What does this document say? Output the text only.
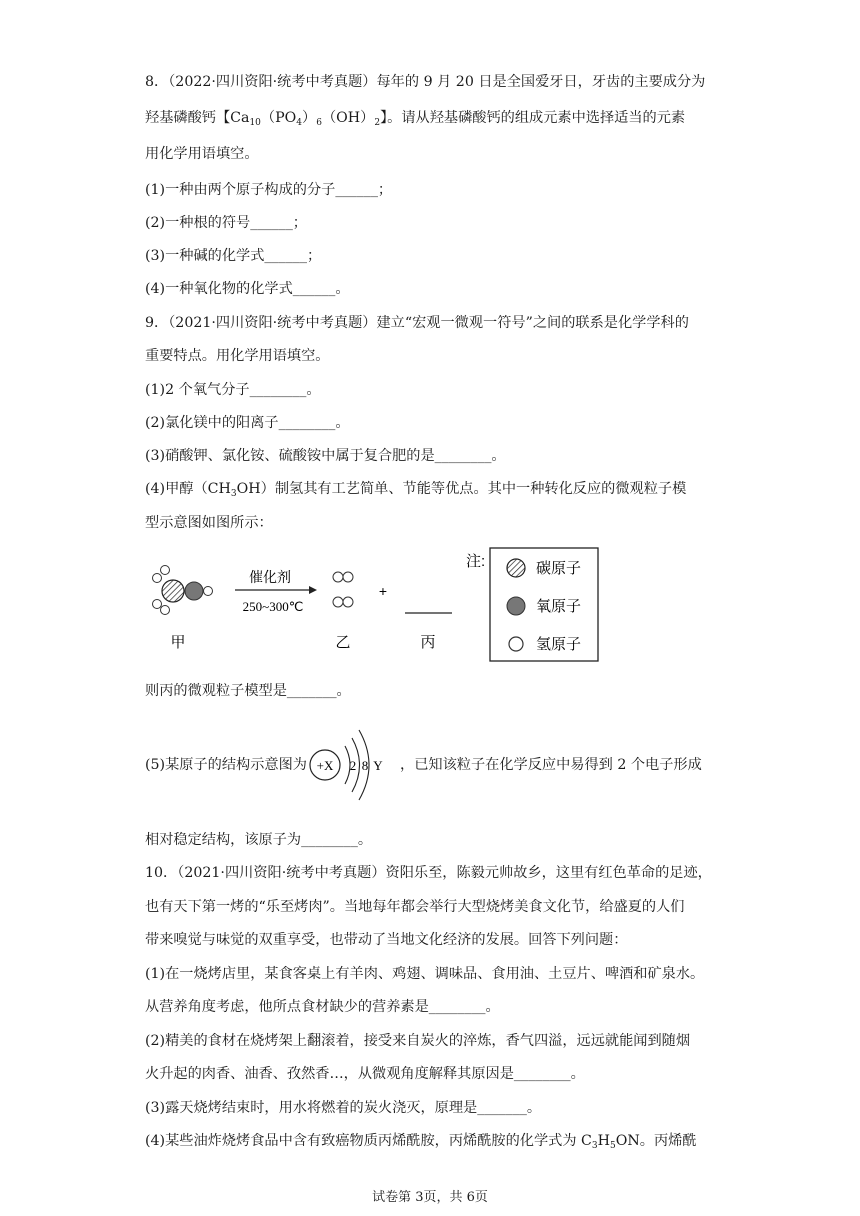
8．（2022·四川资阳·统考中考真题）每年的 9 月 20 日是全国爱牙日，牙齿的主要成分为
羟基磷酸钙【$Ca_{10}(PO_4)_6(OH)_2$】。请从羟基磷酸钙的组成元素中选择适当的元素
用化学用语填空。
(1)一种由两个原子构成的分子______；
(2)一种根的符号______；
(3)一种碱的化学式______；
(4)一种氧化物的化学式______。
9．（2021·四川资阳·统考中考真题）建立“宏观一微观一符号”之间的联系是化学学科的
重要特点。用化学用语填空。
(1)2 个氧气分子________。
(2)氯化镁中的阳离子________。
(3)硝酸钾、氯化铵、硫酸铵中属于复合肥的是________。
(4)甲醇$(CH_3OH)$制氢其有工艺简单、节能等优点。其中一种转化反应的微观粒子模
型示意图如图所示：
甲
催化剂
250~300℃
乙
+
丙
注:	碳原子
氧原子
氢原子
则丙的微观粒子模型是_______。
(5)某原子的结构示意图为 +X 2 8 Y ，已知该粒子在化学反应中易得到 2 个电子形成
相对稳定结构，该原子为________。
10．（2021·四川资阳·统考中考真题）资阳乐至，陈毅元帅故乡，这里有红色革命的足迹，
也有天下第一烤的“乐至烤肉”。当地每年都会举行大型烧烤美食文化节，给盛夏的人们
带来嗅觉与味觉的双重享受，也带动了当地文化经济的发展。回答下列问题：
(1)在一烧烤店里，某食客桌上有羊肉、鸡翅、调味品、食用油、土豆片、啤酒和矿泉水。
从营养角度考虑，他所点食材缺少的营养素是________。
(2)精美的食材在烧烤架上翻滚着，接受来自炭火的淬炼，香气四溢，远远就能闻到随烟
火升起的肉香、油香、孜然香…，从微观角度解释其原因是________。
(3)露天烧烤结束时，用水将燃着的炭火浇灭，原理是_______。
(4)某些油炸烧烤食品中含有致癌物质丙烯酰胺，丙烯酰胺的化学式为 $C_3H_5ON$。丙烯酰
试卷第 3页，共 6页
